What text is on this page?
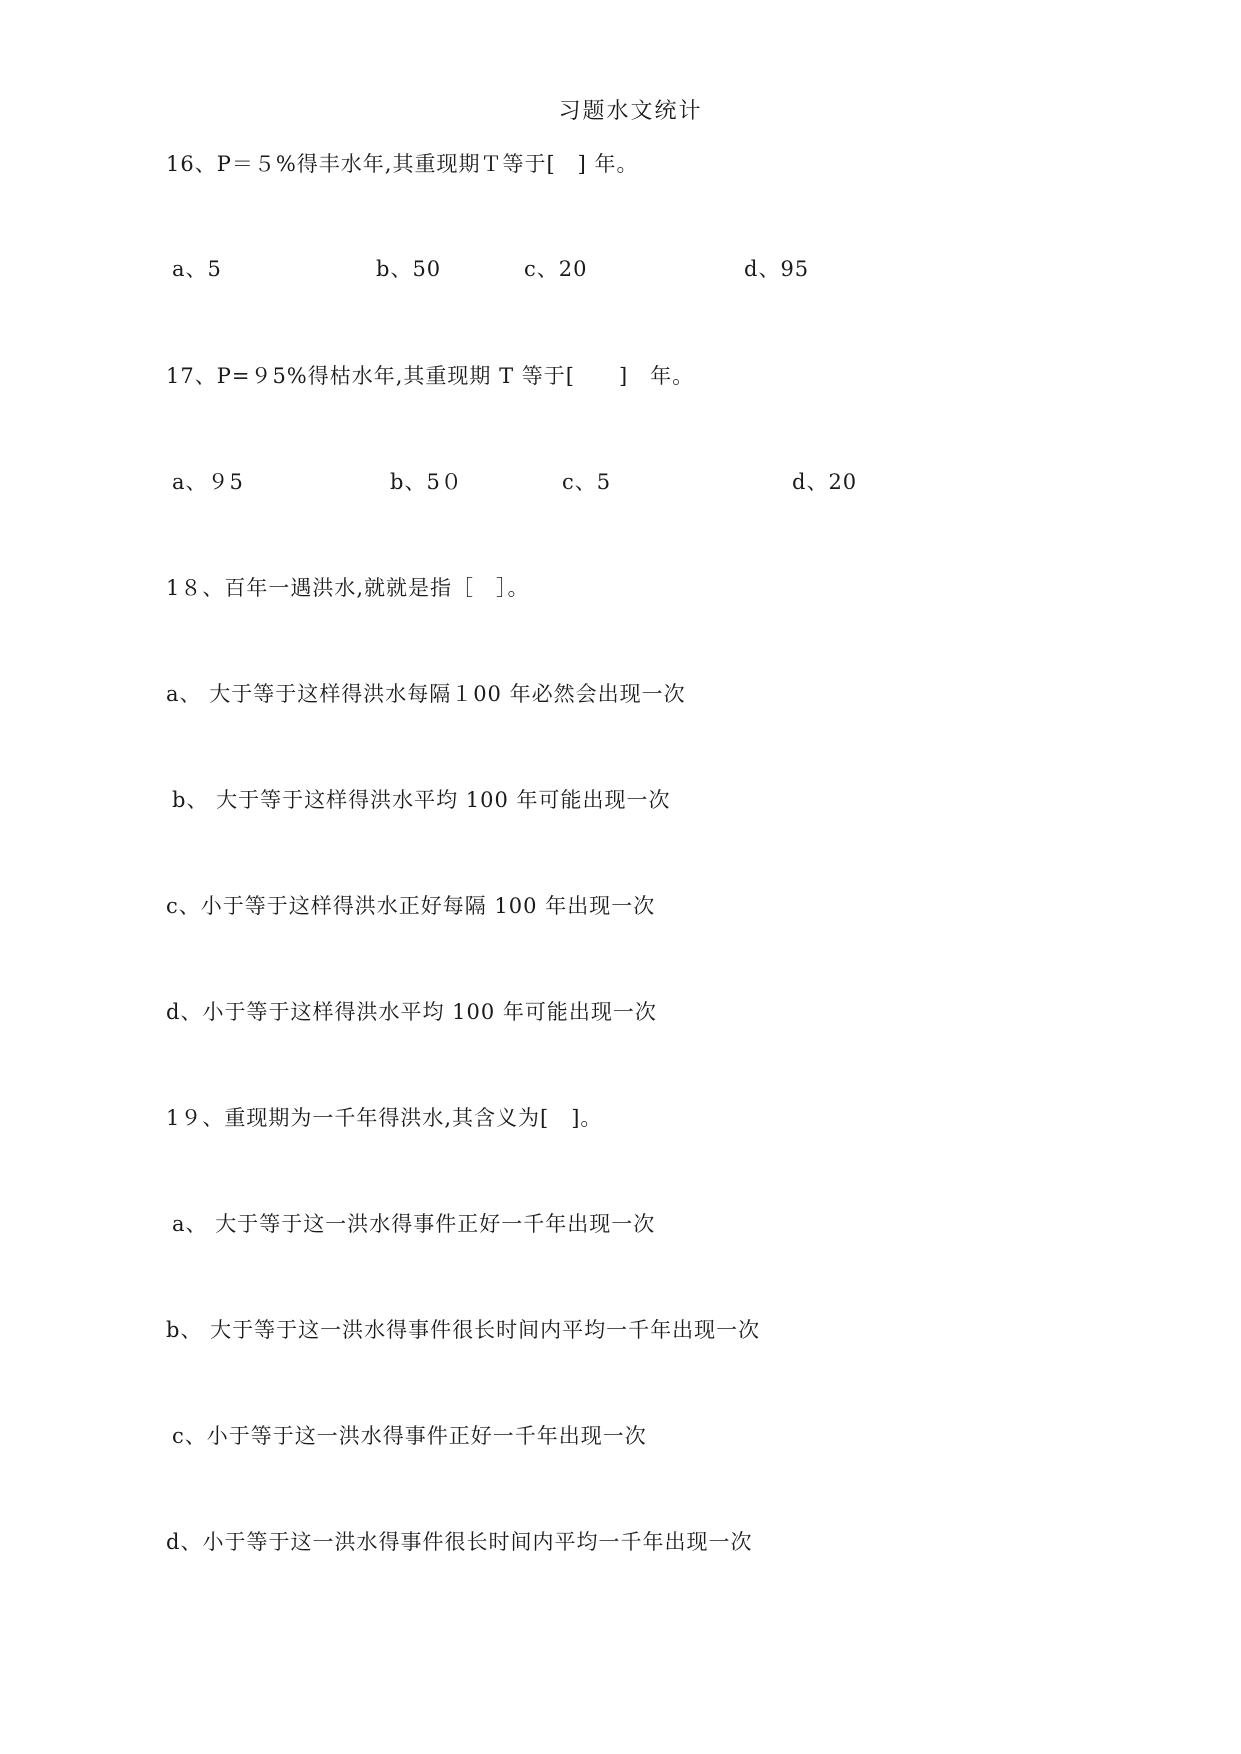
习题水文统计
16、P＝５%得丰水年,其重现期Ｔ等于[　] 年。
a、5	b、50	c、20	d、95
17、P=９5%得枯水年,其重现期 T 等于[　　]　年。
a、９5	b、5０	c、5	d、20
1８、百年一遇洪水,就就是指［　］。
a、 大于等于这样得洪水每隔１00 年必然会出现一次
b、 大于等于这样得洪水平均 100 年可能出现一次
c、小于等于这样得洪水正好每隔 100 年出现一次
d、小于等于这样得洪水平均 100 年可能出现一次
1９、重现期为一千年得洪水,其含义为[　]。
a、 大于等于这一洪水得事件正好一千年出现一次
b、 大于等于这一洪水得事件很长时间内平均一千年出现一次
c、小于等于这一洪水得事件正好一千年出现一次
d、小于等于这一洪水得事件很长时间内平均一千年出现一次
